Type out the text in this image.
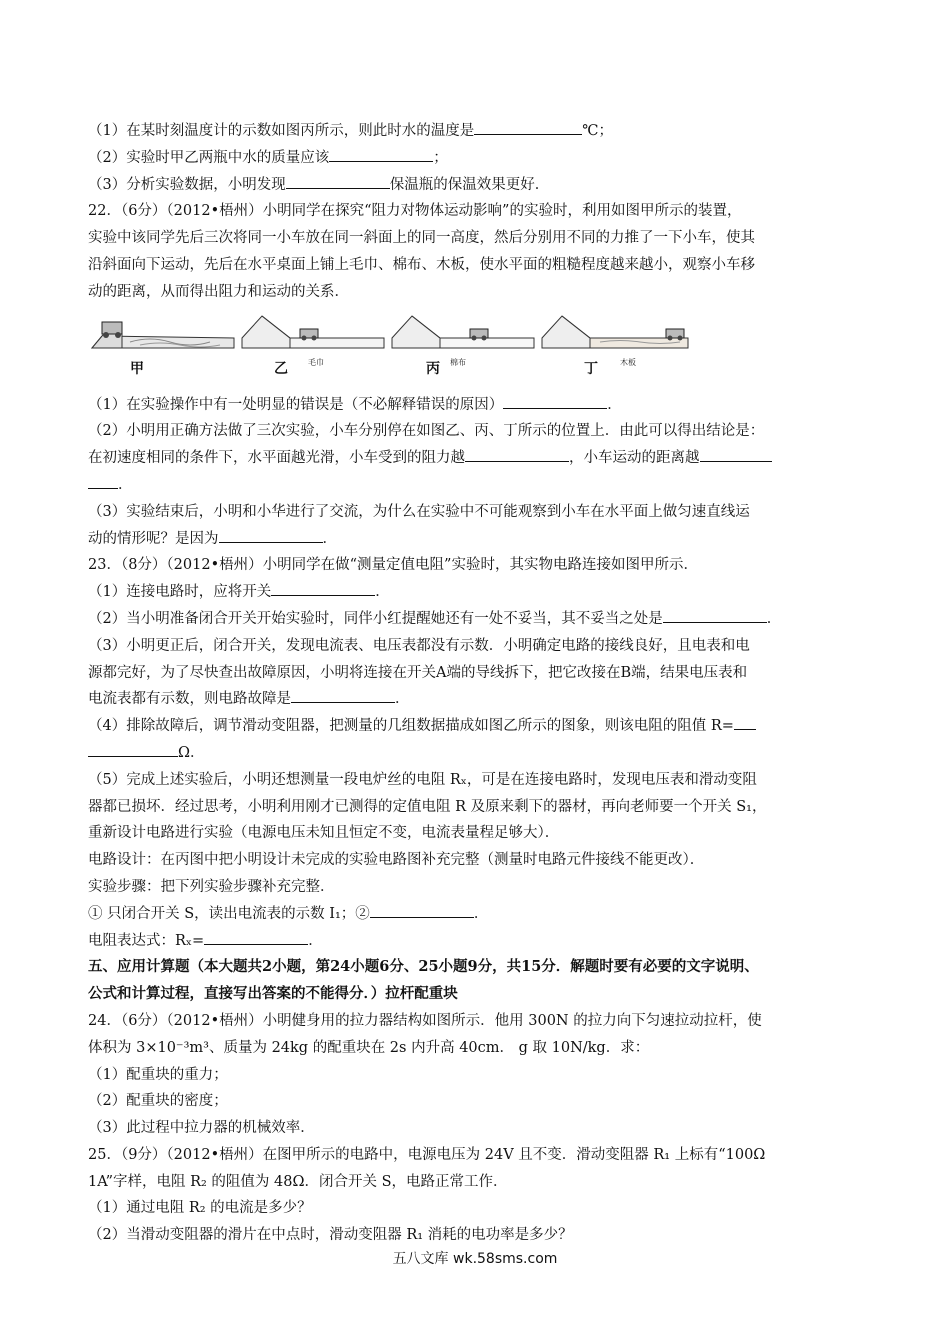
（1）在某时刻温度计的示数如图丙所示，则此时水的温度是	℃；
（2）实验时甲乙两瓶中水的质量应该	；
（3）分析实验数据，小明发现	保温瓶的保温效果更好．
22．（6分）（2012•梧州）小明同学在探究“阻力对物体运动影响”的实验时，利用如图甲所示的装置，
实验中该同学先后三次将同一小车放在同一斜面上的同一高度，然后分别用不同的力推了一下小车，使其
沿斜面向下运动，先后在水平桌面上铺上毛巾、棉布、木板，使水平面的粗糙程度越来越小，观察小车移
动的距离，从而得出阻力和运动的关系．
甲	毛巾
乙	棉布
丙	木板
丁
（1）在实验操作中有一处明显的错误是（不必解释错误的原因）	．
（2）小明用正确方法做了三次实验，小车分别停在如图乙、丙、丁所示的位置上．由此可以得出结论是：
在初速度相同的条件下，水平面越光滑，小车受到的阻力越	，小车运动的距离越
．
（3）实验结束后，小明和小华进行了交流，为什么在实验中不可能观察到小车在水平面上做匀速直线运
动的情形呢？是因为	．
23．（8分）（2012•梧州）小明同学在做“测量定值电阻”实验时，其实物电路连接如图甲所示．
（1）连接电路时，应将开关	．
（2）当小明准备闭合开关开始实验时，同伴小红提醒她还有一处不妥当，其不妥当之处是	．
（3）小明更正后，闭合开关，发现电流表、电压表都没有示数．小明确定电路的接线良好，且电表和电
源都完好，为了尽快查出故障原因，小明将连接在开关A端的导线拆下，把它改接在B端，结果电压表和
电流表都有示数，则电路故障是	．
（4）排除故障后，调节滑动变阻器，把测量的几组数据描成如图乙所示的图象，则该电阻的阻值 R=
Ω．
（5）完成上述实验后，小明还想测量一段电炉丝的电阻 Rₓ，可是在连接电路时，发现电压表和滑动变阻
器都已损坏．经过思考，小明利用刚才已测得的定值电阻 R 及原来剩下的器材，再向老师要一个开关 S₁，
重新设计电路进行实验（电源电压未知且恒定不变，电流表量程足够大）．
电路设计：在丙图中把小明设计未完成的实验电路图补充完整（测量时电路元件接线不能更改）．
实验步骤：把下列实验步骤补充完整．
① 只闭合开关 S，读出电流表的示数 I₁；②	．
电阻表达式：Rₓ=	．
五、应用计算题（本大题共2小题，第24小题6分、25小题9分，共15分．解题时要有必要的文字说明、
公式和计算过程，直接写出答案的不能得分．）拉杆配重块
24．（6分）（2012•梧州）小明健身用的拉力器结构如图所示．他用 300N 的拉力向下匀速拉动拉杆，使
体积为 3×10⁻³m³、质量为 24kg 的配重块在 2s 内升高 40cm． g 取 10N/kg．求：
（1）配重块的重力；
（2）配重块的密度；
（3）此过程中拉力器的机械效率．
25．（9分）（2012•梧州）在图甲所示的电路中，电源电压为 24V 且不变．滑动变阻器 R₁ 上标有“100Ω
1A”字样，电阻 R₂ 的阻值为 48Ω．闭合开关 S，电路正常工作．
（1）通过电阻 R₂ 的电流是多少？
（2）当滑动变阻器的滑片在中点时，滑动变阻器 R₁ 消耗的电功率是多少？
五八文库 wk.58sms.com
